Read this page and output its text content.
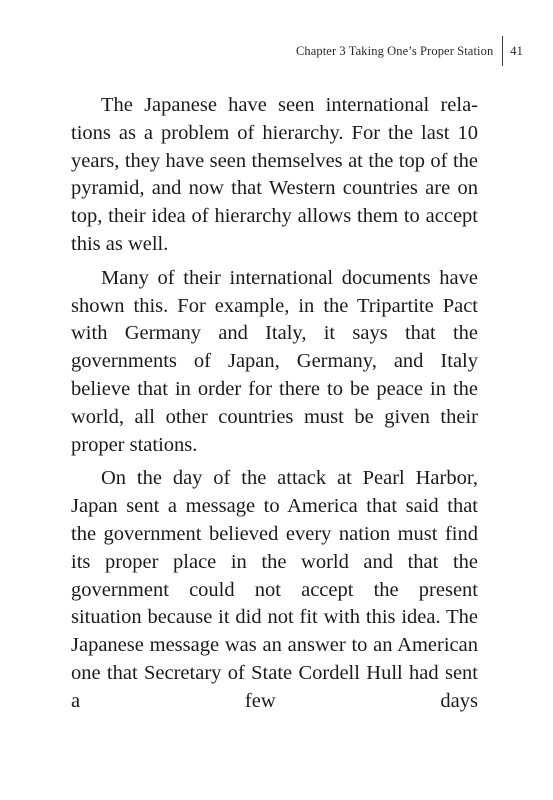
Chapter 3 Taking One’s Proper Station	41

The Japanese have seen international relations as a problem of hierarchy. For the last 10 years, they have seen themselves at the top of the pyramid, and now that Western countries are on top, their idea of hierarchy allows them to accept this as well.

Many of their international documents have shown this. For example, in the Tripartite Pact with Germany and Italy, it says that the governments of Japan, Germany, and Italy believe that in order for there to be peace in the world, all other countries must be given their proper stations.

On the day of the attack at Pearl Harbor, Japan sent a message to America that said that the government believed every nation must find its proper place in the world and that the government could not accept the present situation because it did not fit with this idea. The Japanese message was an answer to an American one that Secretary of State Cordell Hull had sent a few days
